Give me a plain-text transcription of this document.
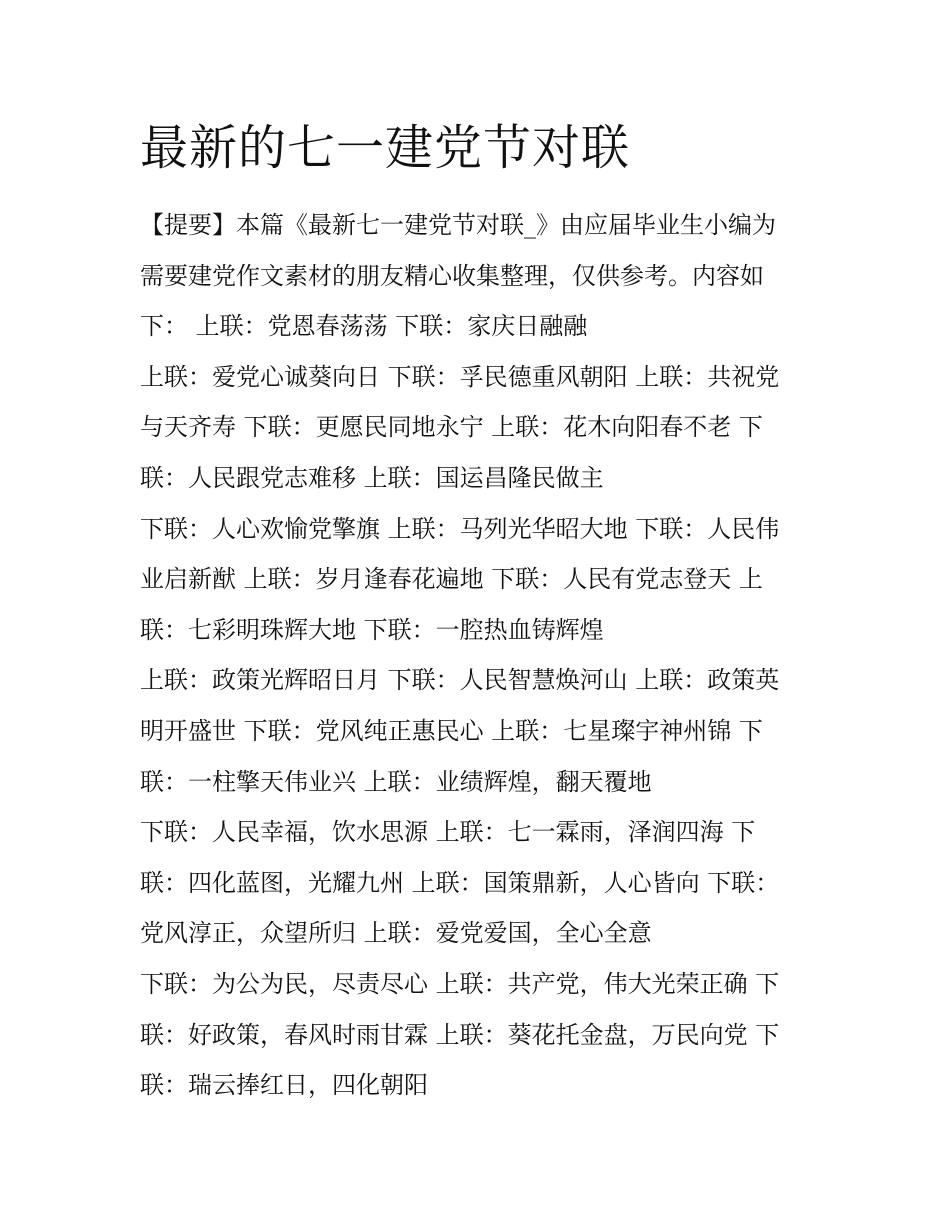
最新的七一建党节对联
【提要】本篇《最新七一建党节对联_》由应届毕业生小编为
需要建党作文素材的朋友精心收集整理，仅供参考。内容如
下： 上联：党恩春荡荡 下联：家庆日融融
上联：爱党心诚葵向日 下联：孚民德重风朝阳 上联：共祝党
与天齐寿 下联：更愿民同地永宁 上联：花木向阳春不老 下
联：人民跟党志难移 上联：国运昌隆民做主
下联：人心欢愉党擎旗 上联：马列光华昭大地 下联：人民伟
业启新猷 上联：岁月逢春花遍地 下联：人民有党志登天 上
联：七彩明珠辉大地 下联：一腔热血铸辉煌
上联：政策光辉昭日月 下联：人民智慧焕河山 上联：政策英
明开盛世 下联：党风纯正惠民心 上联：七星璨宇神州锦 下
联：一柱擎天伟业兴 上联：业绩辉煌，翻天覆地
下联：人民幸福，饮水思源 上联：七一霖雨，泽润四海 下
联：四化蓝图，光耀九州 上联：国策鼎新，人心皆向 下联：
党风淳正，众望所归 上联：爱党爱国，全心全意
下联：为公为民，尽责尽心 上联：共产党，伟大光荣正确 下
联：好政策，春风时雨甘霖 上联：葵花托金盘，万民向党 下
联：瑞云捧红日，四化朝阳
